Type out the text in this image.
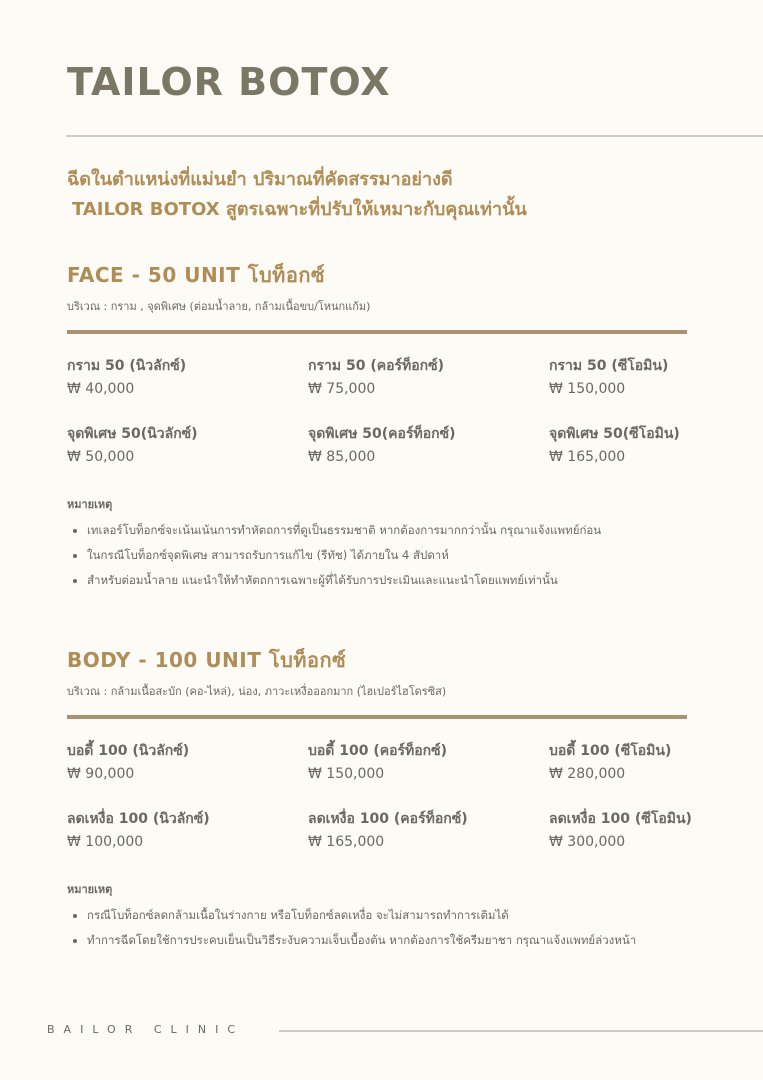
TAILOR BOTOX
ฉีดในตำแหน่งที่แม่นยำ ปริมาณที่คัดสรรมาอย่างดี
TAILOR BOTOX สูตรเฉพาะที่ปรับให้เหมาะกับคุณเท่านั้น
FACE - 50 UNIT โบท็อกซ์
บริเวณ : กราม , จุดพิเศษ (ต่อมน้ำลาย, กล้ามเนื้อขบ/โหนกแก้ม)
กราม 50 (นิวลักซ์)
₩ 40,000
กราม 50 (คอร์ท็อกซ์)
₩ 75,000
กราม 50 (ซีโอมิน)
₩ 150,000
จุดพิเศษ 50(นิวลักซ์)
₩ 50,000
จุดพิเศษ 50(คอร์ท็อกซ์)
₩ 85,000
จุดพิเศษ 50(ซีโอมิน)
₩ 165,000
หมายเหตุ
• เทเลอร์โบท็อกซ์จะเน้นเน้นการทำหัตถการที่ดูเป็นธรรมชาติ หากต้องการมากกว่านั้น กรุณาแจ้งแพทย์ก่อน
• ในกรณีโบท็อกซ์จุดพิเศษ สามารถรับการแก้ไข (รีทัช) ได้ภายใน 4 สัปดาห์
• สำหรับต่อมน้ำลาย แนะนำให้ทำหัตถการเฉพาะผู้ที่ได้รับการประเมินและแนะนำโดยแพทย์เท่านั้น
BODY - 100 UNIT โบท็อกซ์
บริเวณ : กล้ามเนื้อสะบัก (คอ-ไหล่), น่อง, ภาวะเหงื่อออกมาก (ไฮเปอร์ไฮโดรซิส)
บอดี้ 100 (นิวลักซ์)
₩ 90,000
บอดี้ 100 (คอร์ท็อกซ์)
₩ 150,000
บอดี้ 100 (ซีโอมิน)
₩ 280,000
ลดเหงื่อ 100 (นิวลักซ์)
₩ 100,000
ลดเหงื่อ 100 (คอร์ท็อกซ์)
₩ 165,000
ลดเหงื่อ 100 (ซีโอมิน)
₩ 300,000
หมายเหตุ
• กรณีโบท็อกซ์ลดกล้ามเนื้อในร่างกาย หรือโบท็อกซ์ลดเหงื่อ จะไม่สามารถทำการเติมได้
• ทำการฉีดโดยใช้การประคบเย็นเป็นวิธีระงับความเจ็บเบื้องต้น หากต้องการใช้ครีมยาชา กรุณาแจ้งแพทย์ล่วงหน้า
BAILOR CLINIC
